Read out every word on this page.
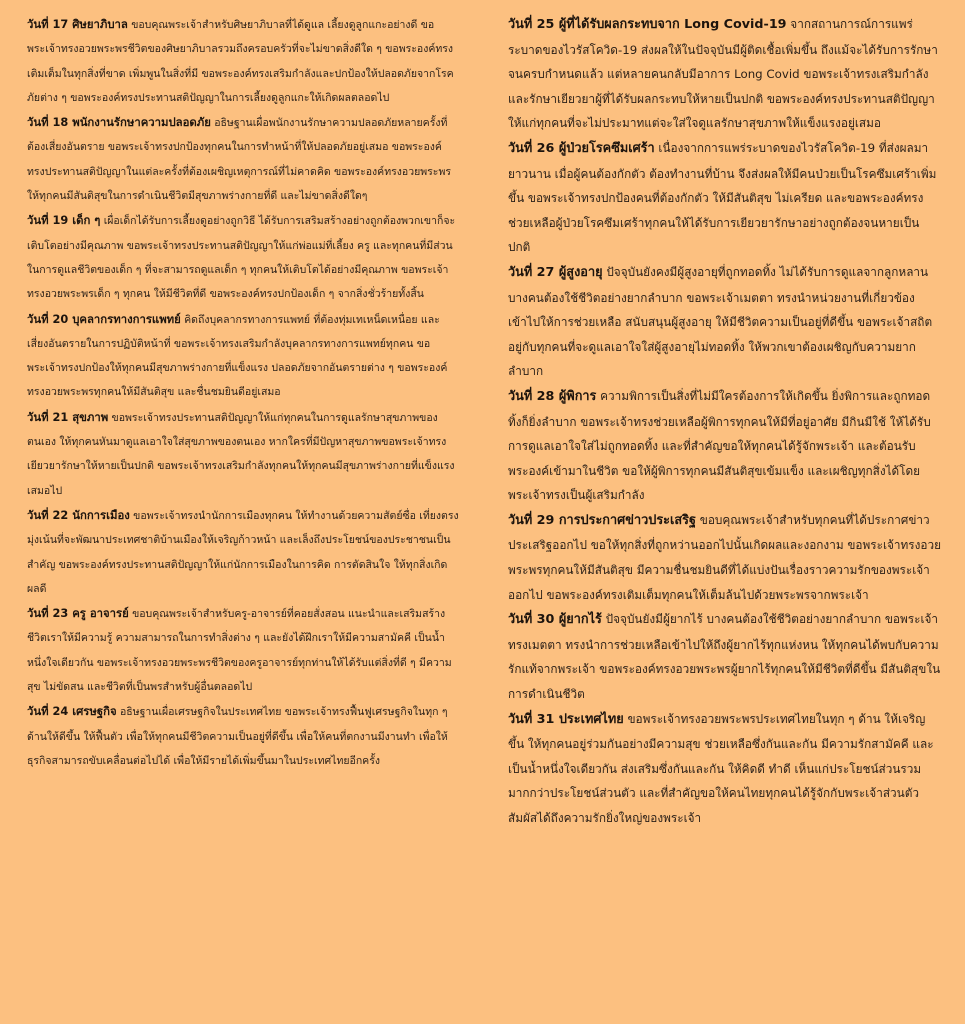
วันที่ 17 ศิษยาภิบาล ขอบคุณพระเจ้าสำหรับศิษยาภิบาลที่ได้ดูแล เลี้ยงดูลูกแกะอย่างดี ขอพระเจ้าทรงอวยพระพรชีวิตของศิษยาภิบาลรวมถึงครอบครัวที่จะไม่ขาดสิ่งดีใด ๆ ขอพระองค์ทรงเติมเต็มในทุกสิ่งที่ขาด เพิ่มพูนในสิ่งที่มี ขอพระองค์ทรงเสริมกำลังและปกป้องให้ปลอดภัยจากโรคภัยต่าง ๆ ขอพระองค์ทรงประทานสติปัญญาในการเลี้ยงดูลูกแกะให้เกิดผลตลอดไป

วันที่ 18 พนักงานรักษาความปลอดภัย อธิษฐานเผื่อพนักงานรักษาความปลอดภัยหลายครั้งที่ต้องเสี่ยงอันตราย ขอพระเจ้าทรงปกป้องทุกคนในการทำหน้าที่ให้ปลอดภัยอยู่เสมอ ขอพระองค์ทรงประทานสติปัญญาในแต่ละครั้งที่ต้องเผชิญเหตุการณ์ที่ไม่คาดคิด ขอพระองค์ทรงอวยพระพรให้ทุกคนมีสันติสุขในการดำเนินชีวิตมีสุขภาพร่างกายที่ดี และไม่ขาดสิ่งดีใดๆ

วันที่ 19 เด็ก ๆ เผื่อเด็กได้รับการเลี้ยงดูอย่างถูกวิธี ได้รับการเสริมสร้างอย่างถูกต้องพวกเขาก็จะเติบโตอย่างมีคุณภาพ ขอพระเจ้าทรงประทานสติปัญญาให้แก่พ่อแม่ที่เลี้ยง ครู และทุกคนที่มีส่วนในการดูแลชีวิตของเด็ก ๆ ที่จะสามารถดูแลเด็ก ๆ ทุกคนให้เติบโตได้อย่างมีคุณภาพ ขอพระเจ้าทรงอวยพระพรเด็ก ๆ ทุกคน ให้มีชีวิตที่ดี ขอพระองค์ทรงปกป้องเด็ก ๆ จากสิ่งชั่วร้ายทั้งสิ้น

วันที่ 20 บุคลากรทางการแพทย์ คิดถึงบุคลากรทางการแพทย์ ที่ต้องทุ่มเทเหน็ดเหนื่อย และเสี่ยงอันตรายในการปฏิบัติหน้าที่ ขอพระเจ้าทรงเสริมกำลังบุคลากรทางการแพทย์ทุกคน ขอพระเจ้าทรงปกป้องให้ทุกคนมีสุขภาพร่างกายที่แข็งแรง ปลอดภัยจากอันตรายต่าง ๆ ขอพระองค์ทรงอวยพระพรทุกคนให้มีสันติสุข และชื่นชมยินดีอยู่เสมอ

วันที่ 21 สุขภาพ ขอพระเจ้าทรงประทานสติปัญญาให้แก่ทุกคนในการดูแลรักษาสุขภาพของตนเอง ให้ทุกคนหันมาดูแลเอาใจใส่สุขภาพของตนเอง หากใครที่มีปัญหาสุขภาพขอพระเจ้าทรงเยียวยารักษาให้หายเป็นปกติ ขอพระเจ้าทรงเสริมกำลังทุกคนให้ทุกคนมีสุขภาพร่างกายที่แข็งแรงเสมอไป

วันที่ 22 นักการเมือง ขอพระเจ้าทรงนำนักการเมืองทุกคน ให้ทำงานด้วยความสัตย์ซื่อ เที่ยงตรง มุ่งเน้นที่จะพัฒนาประเทศชาติบ้านเมืองให้เจริญก้าวหน้า และเล็งถึงประโยชน์ของประชาชนเป็นสำคัญ ขอพระองค์ทรงประทานสติปัญญาให้แก่นักการเมืองในการคิด การตัดสินใจ ให้ทุกสิ่งเกิดผลดี

วันที่ 23 ครู อาจารย์ ขอบคุณพระเจ้าสำหรับครู-อาจารย์ที่คอยสั่งสอน แนะนำและเสริมสร้างชีวิตเราให้มีความรู้ ความสามารถในการทำสิ่งต่าง ๆ และยังได้ฝึกเราให้มีความสามัคคี เป็นน้ำหนึ่งใจเดียวกัน ขอพระเจ้าทรงอวยพระพรชีวิตของครูอาจารย์ทุกท่านให้ได้รับแต่สิ่งที่ดี ๆ มีความสุข ไม่ขัดสน และชีวิตที่เป็นพรสำหรับผู้อื่นตลอดไป

วันที่ 24 เศรษฐกิจ อธิษฐานเผื่อเศรษฐกิจในประเทศไทย ขอพระเจ้าทรงฟื้นฟูเศรษฐกิจในทุก ๆ ด้านให้ดีขึ้น ให้ฟื้นตัว เพื่อให้ทุกคนมีชีวิตความเป็นอยู่ที่ดีขึ้น เพื่อให้คนที่ตกงานมีงานทำ เพื่อให้ธุรกิจสามารถขับเคลื่อนต่อไปได้ เพื่อให้มีรายได้เพิ่มขึ้นมาในประเทศไทยอีกครั้ง

วันที่ 25 ผู้ที่ได้รับผลกระทบจาก Long Covid-19 จากสถานการณ์การแพร่ระบาดของไวรัสโควิด-19 ส่งผลให้ในปัจจุบันมีผู้ติดเชื้อเพิ่มขึ้น ถึงแม้จะได้รับการรักษาจนครบกำหนดแล้ว แต่หลายคนกลับมีอาการ Long Covid ขอพระเจ้าทรงเสริมกำลัง และรักษาเยียวยาผู้ที่ได้รับผลกระทบให้หายเป็นปกติ ขอพระองค์ทรงประทานสติปัญญาให้แก่ทุกคนที่จะไม่ประมาทแต่จะใส่ใจดูแลรักษาสุขภาพให้แข็งแรงอยู่เสมอ

วันที่ 26 ผู้ป่วยโรคซึมเศร้า เนื่องจากการแพร่ระบาดของไวรัสโควิด-19 ที่ส่งผลมายาวนาน เมื่อผู้คนต้องกักตัว ต้องทำงานที่บ้าน จึงส่งผลให้มีคนป่วยเป็นโรคซึมเศร้าเพิ่มขึ้น ขอพระเจ้าทรงปกป้องคนที่ต้องกักตัว ให้มีสันติสุข ไม่เครียด และขอพระองค์ทรงช่วยเหลือผู้ป่วยโรคซึมเศร้าทุกคนให้ได้รับการเยียวยารักษาอย่างถูกต้องจนหายเป็นปกติ

วันที่ 27 ผู้สูงอายุ ปัจจุบันยังคงมีผู้สูงอายุที่ถูกทอดทิ้ง ไม่ได้รับการดูแลจากลูกหลาน บางคนต้องใช้ชีวิตอย่างยากลำบาก ขอพระเจ้าเมตตา ทรงนำหน่วยงานที่เกี่ยวข้องเข้าไปให้การช่วยเหลือ สนับสนุนผู้สูงอายุ ให้มีชีวิตความเป็นอยู่ที่ดีขึ้น ขอพระเจ้าสถิตอยู่กับทุกคนที่จะดูแลเอาใจใส่ผู้สูงอายุไม่ทอดทิ้ง ให้พวกเขาต้องเผชิญกับความยากลำบาก

วันที่ 28 ผู้พิการ ความพิการเป็นสิ่งที่ไม่มีใครต้องการให้เกิดขึ้น ยิ่งพิการและถูกทอดทิ้งก็ยิ่งลำบาก ขอพระเจ้าทรงช่วยเหลือผู้พิการทุกคนให้มีที่อยู่อาศัย มีกินมีใช้ ให้ได้รับการดูแลเอาใจใส่ไม่ถูกทอดทิ้ง และที่สำคัญขอให้ทุกคนได้รู้จักพระเจ้า และต้อนรับพระองค์เข้ามาในชีวิต ขอให้ผู้พิการทุกคนมีสันติสุขเข้มแข็ง และเผชิญทุกสิ่งได้โดยพระเจ้าทรงเป็นผู้เสริมกำลัง

วันที่ 29 การประกาศข่าวประเสริฐ ขอบคุณพระเจ้าสำหรับทุกคนที่ได้ประกาศข่าวประเสริฐออกไป ขอให้ทุกสิ่งที่ถูกหว่านออกไปนั้นเกิดผลและงอกงาม ขอพระเจ้าทรงอวยพระพรทุกคนให้มีสันติสุข มีความชื่นชมยินดีที่ได้แบ่งปันเรื่องราวความรักของพระเจ้าออกไป ขอพระองค์ทรงเติมเต็มทุกคนให้เต็มล้นไปด้วยพระพรจากพระเจ้า

วันที่ 30 ผู้ยากไร้ ปัจจุบันยังมีผู้ยากไร้ บางคนต้องใช้ชีวิตอย่างยากลำบาก ขอพระเจ้าทรงเมตตา ทรงนำการช่วยเหลือเข้าไปให้ถึงผู้ยากไร้ทุกแห่งหน ให้ทุกคนได้พบกับความรักแท้จากพระเจ้า ขอพระองค์ทรงอวยพระพรผู้ยากไร้ทุกคนให้มีชีวิตที่ดีขึ้น มีสันติสุขในการดำเนินชีวิต

วันที่ 31 ประเทศไทย ขอพระเจ้าทรงอวยพระพรประเทศไทยในทุก ๆ ด้าน ให้เจริญขึ้น ให้ทุกคนอยู่ร่วมกันอย่างมีความสุข ช่วยเหลือซึ่งกันและกัน มีความรักสามัคคี และเป็นน้ำหนึ่งใจเดียวกัน ส่งเสริมซึ่งกันและกัน ให้คิดดี ทำดี เห็นแก่ประโยชน์ส่วนรวม มากกว่าประโยชน์ส่วนตัว และที่สำคัญขอให้คนไทยทุกคนได้รู้จักกับพระเจ้าส่วนตัว สัมผัสได้ถึงความรักยิ่งใหญ่ของพระเจ้า
